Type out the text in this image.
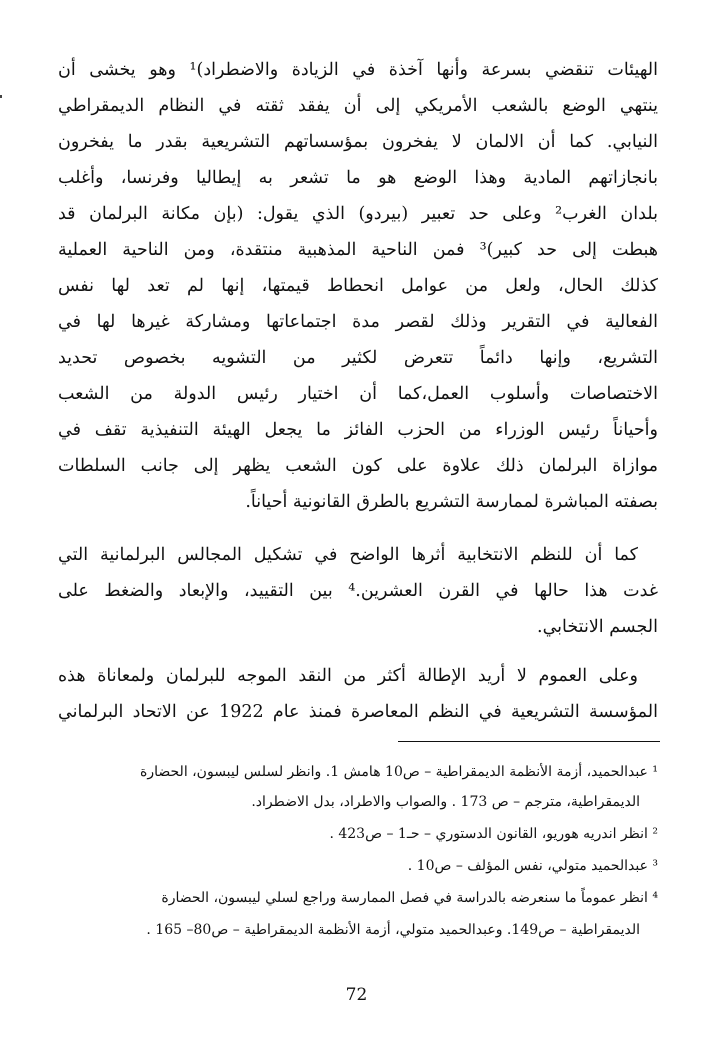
الهيئات تنقضي بسرعة وأنها آخذة في الزيادة والاضطراد)¹ وهو يخشى أن
ينتهي الوضع بالشعب الأمريكي إلى أن يفقد ثقته في النظام الديمقراطي
النيابي. كما أن الالمان لا يفخرون بمؤسساتهم التشريعية بقدر ما يفخرون
بانجازاتهم المادية وهذا الوضع هو ما تشعر به إيطاليا وفرنسا، وأغلب
بلدان الغرب² وعلى حد تعبير (بيردو) الذي يقول: (بإن مكانة البرلمان قد
هبطت إلى حد كبير)³ فمن الناحية المذهبية منتقدة، ومن الناحية العملية
كذلك الحال، ولعل من عوامل انحطاط قيمتها، إنها لم تعد لها نفس
الفعالية في التقرير وذلك لقصر مدة اجتماعاتها ومشاركة غيرها لها في
التشريع، وإنها دائماً تتعرض لكثير من التشويه بخصوص تحديد
الاختصاصات وأسلوب العمل،كما أن اختيار رئيس الدولة من الشعب
وأحياناً رئيس الوزراء من الحزب الفائز ما يجعل الهيئة التنفيذية تقف في
موازاة البرلمان ذلك علاوة على كون الشعب يظهر إلى جانب السلطات
بصفته المباشرة لممارسة التشريع بالطرق القانونية أحياناً.
كما أن للنظم الانتخابية أثرها الواضح في تشكيل المجالس البرلمانية التي
غدت هذا حالها في القرن العشرين.⁴ بين التقييد، والإبعاد والضغط على
الجسم الانتخابي.
وعلى العموم لا أريد الإطالة أكثر من النقد الموجه للبرلمان ولمعاناة هذه
المؤسسة التشريعية في النظم المعاصرة فمنذ عام 1922 عن الاتحاد البرلماني
¹ عبدالحميد، أزمة الأنظمة الديمقراطية – ص10 هامش 1. وانظر لسلس ليبسون، الحضارة
الديمقراطية، مترجم – ص 173 . والصواب والاطراد، بدل الاضطراد.
² انظر اندريه هوريو، القانون الدستوري – حـ1 – ص423 .
³ عبدالحميد متولي، نفس المؤلف – ص10 .
⁴ انظر عموماً ما سنعرضه بالدراسة في فصل الممارسة وراجع لسلي ليبسون، الحضارة
الديمقراطية – ص149. وعبدالحميد متولي، أزمة الأنظمة الديمقراطية – ص80– 165 .
72
